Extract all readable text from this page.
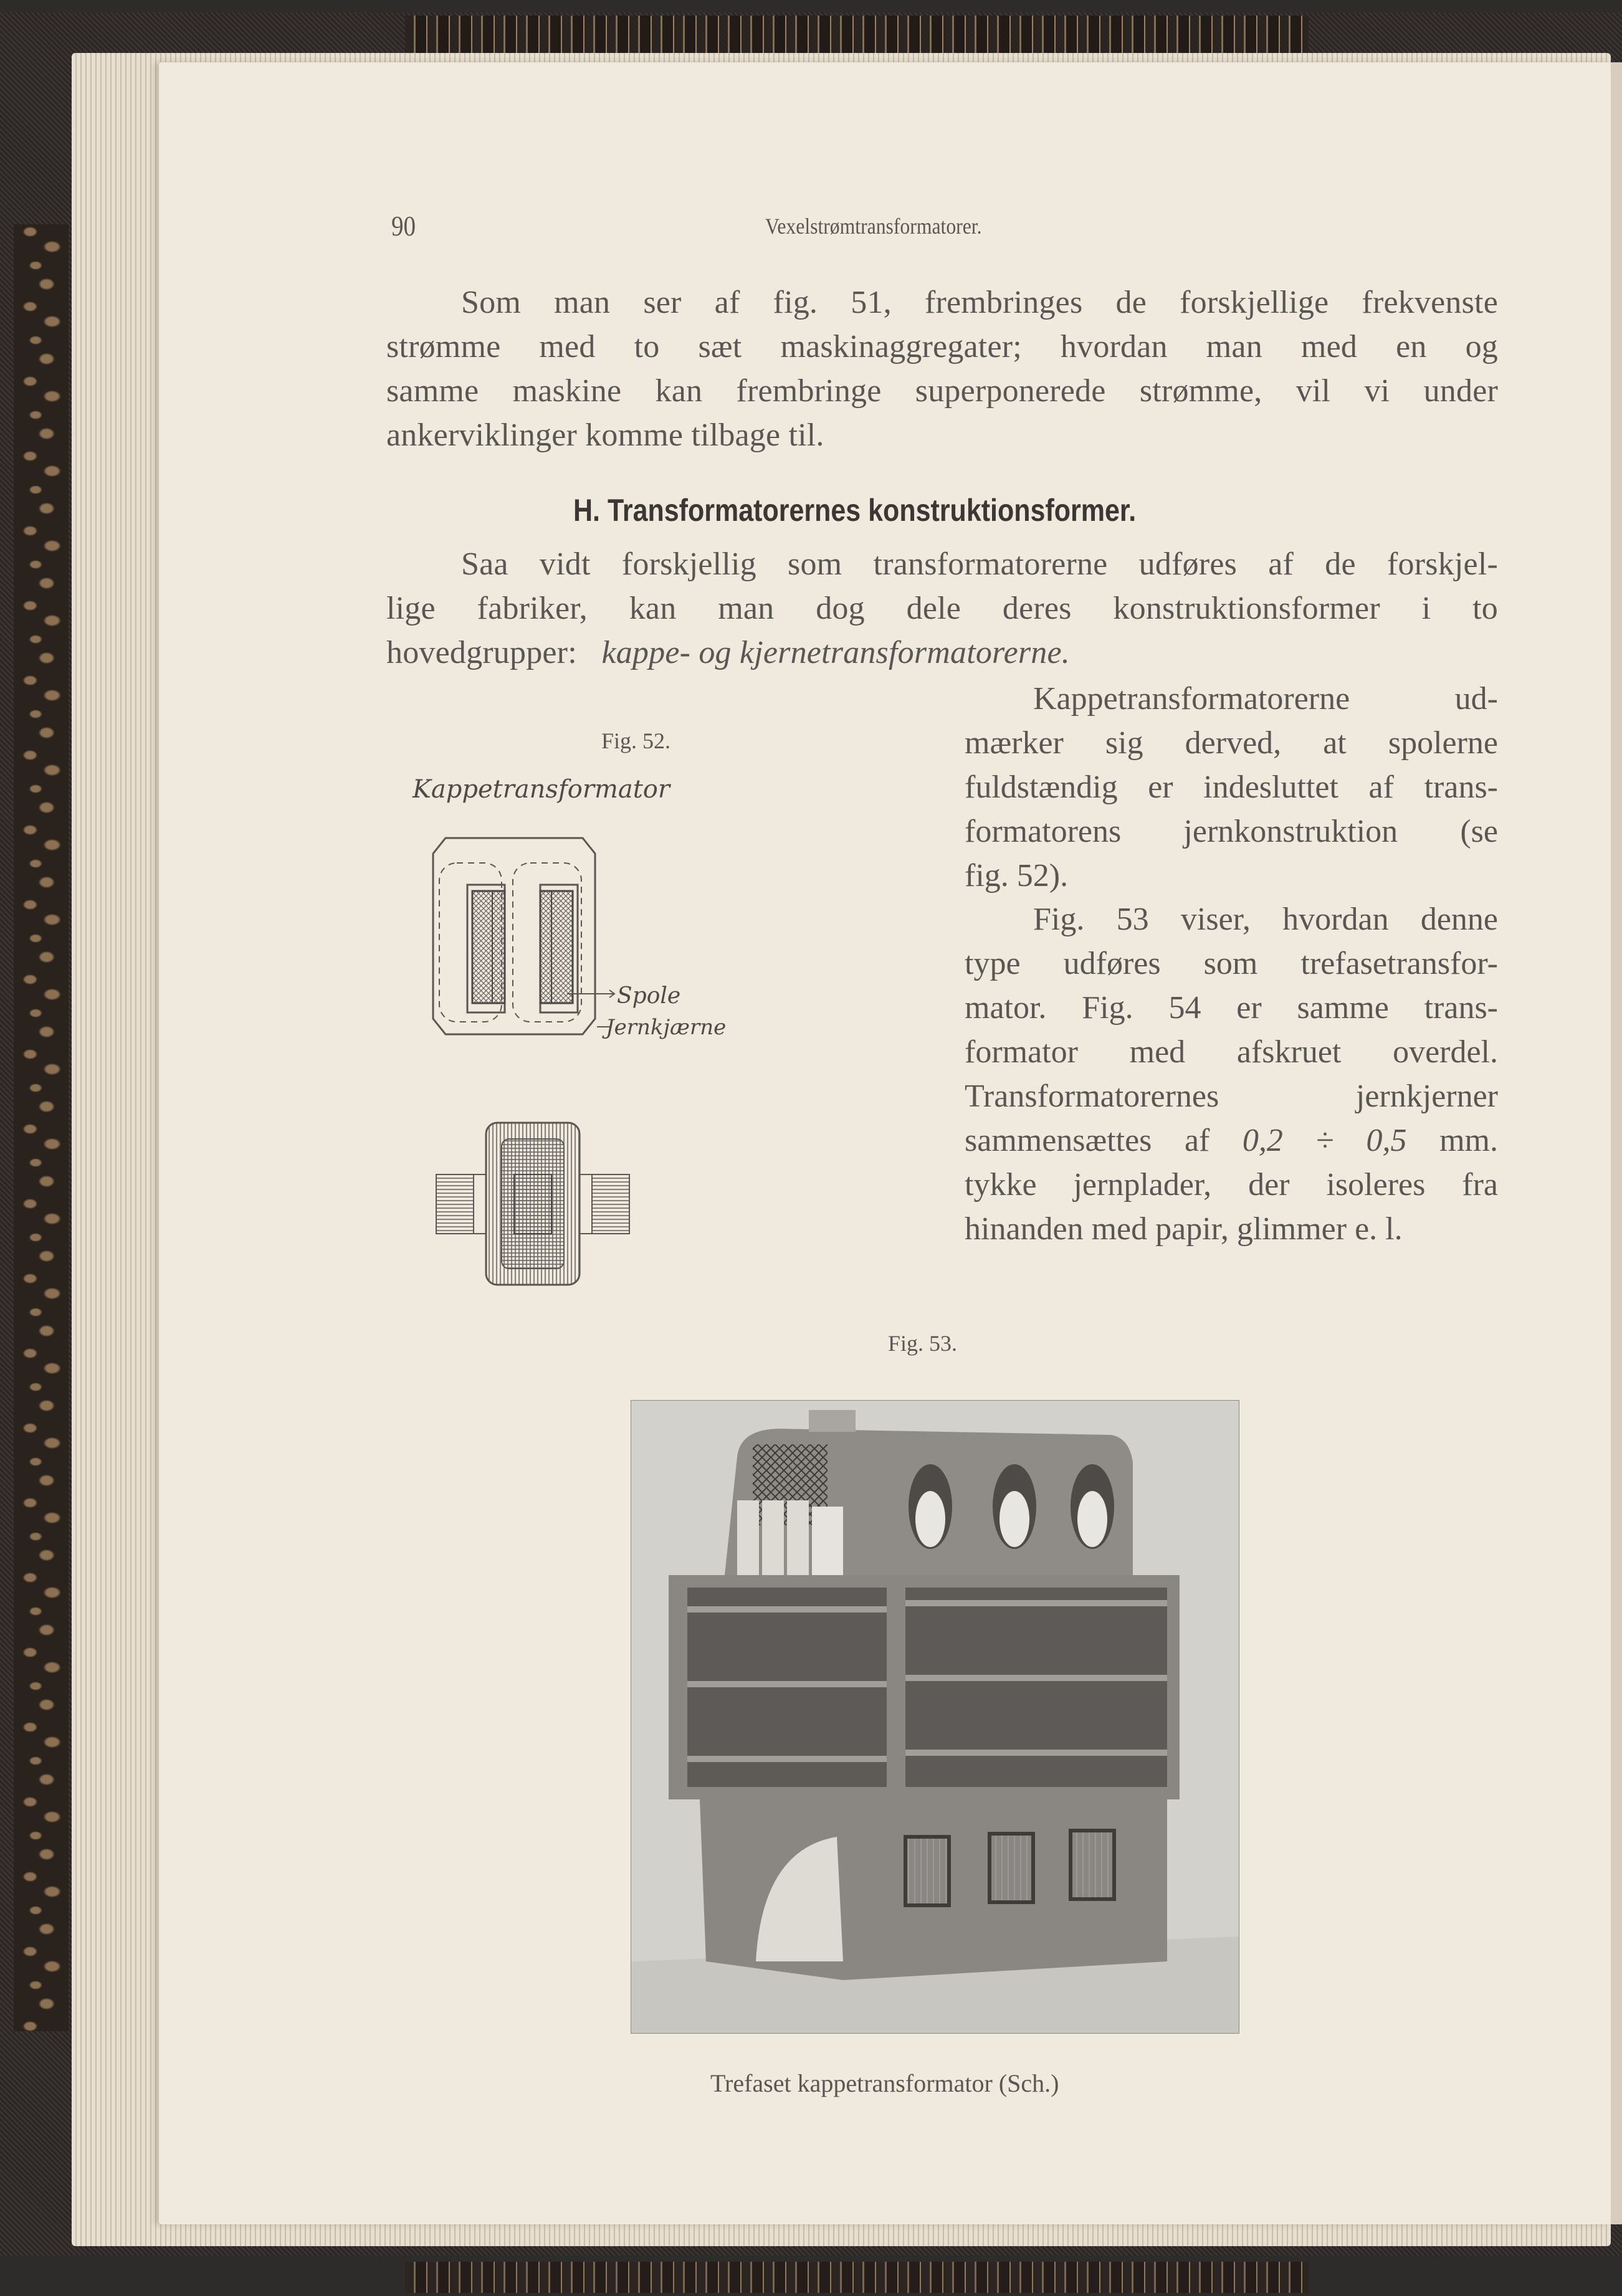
90	Vexelstrømtransformatorer.
Som man ser af fig. 51, frembringes de forskjellige frekvenste
strømme med to sæt maskinaggregater; hvordan man med en og
samme maskine kan frembringe superponerede strømme, vil vi under
ankerviklinger komme tilbage til.
H. Transformatorernes konstruktionsformer.
Saa vidt forskjellig som transformatorerne udføres af de forskjel-
lige fabriker, kan man dog dele deres konstruktionsformer i to
hovedgrupper: kappe- og kjernetransformatorerne.
Kappetransformatorerne ud-
mærker sig derved, at spolerne
fuldstændig er indesluttet af trans-
formatorens jernkonstruktion (se
fig. 52).
Fig. 53 viser, hvordan denne
type udføres som trefasetransfor-
mator. Fig. 54 er samme trans-
formator med afskruet overdel.
Transformatorernes jernkjerner
sammensættes af 0,2 ÷ 0,5 mm.
tykke jernplader, der isoleres fra
hinanden med papir, glimmer e. l.
Fig. 52.
Kappetransformator
Spole
Jernkjærne
Fig. 53.
Trefaset kappetransformator (Sch.)
